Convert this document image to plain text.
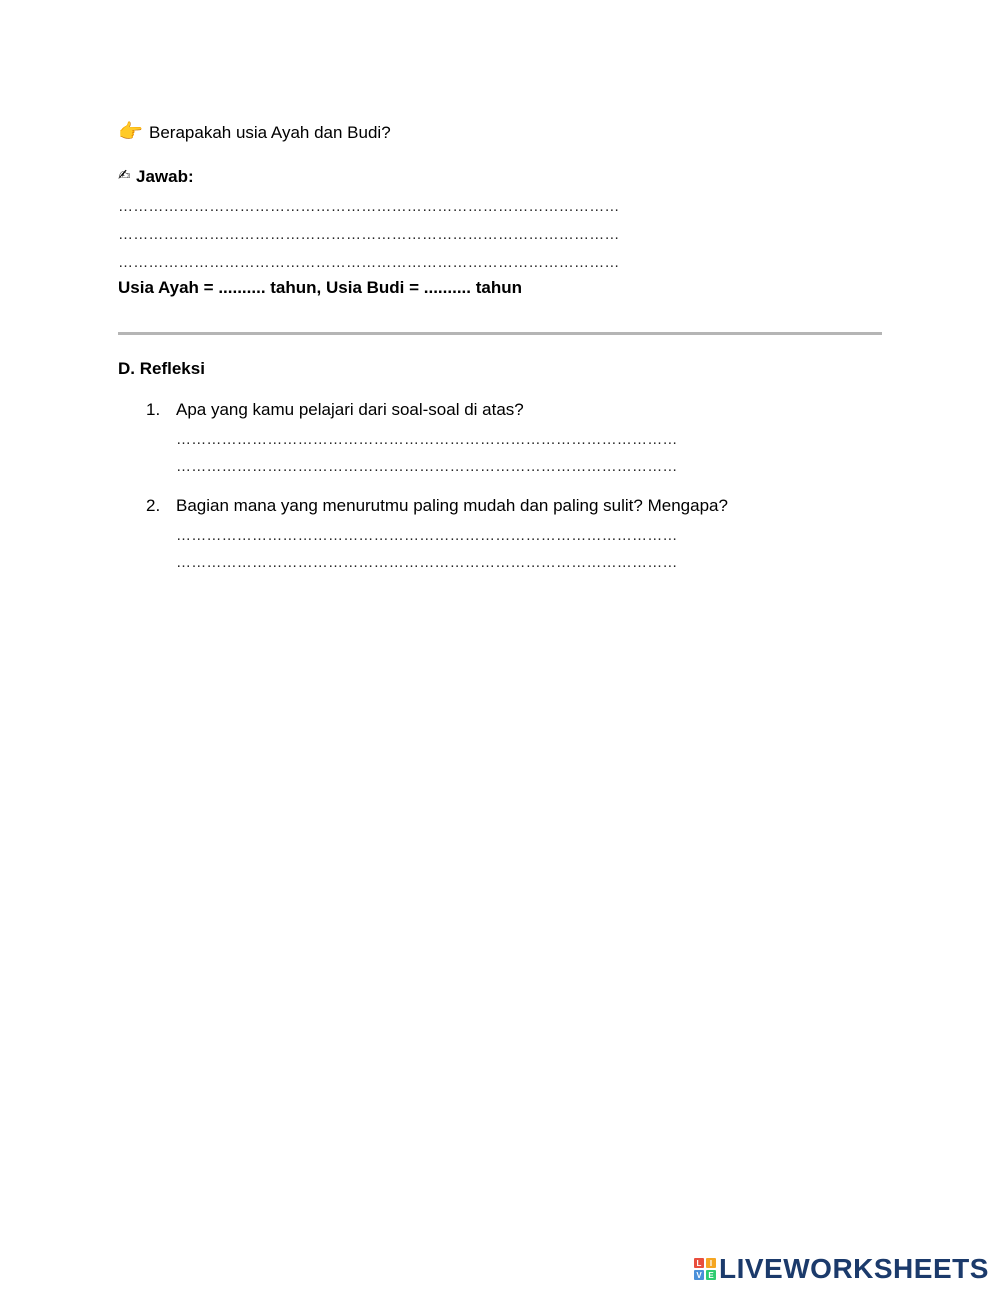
👉 Berapakah usia Ayah dan Budi?
✍ Jawab:
………………………………………………………………………………………
………………………………………………………………………………………
………………………………………………………………………………………
Usia Ayah = .......... tahun, Usia Budi = .......... tahun
D. Refleksi
1. Apa yang kamu pelajari dari soal-soal di atas?
………………………………………………………………………………………
………………………………………………………………………………………
2. Bagian mana yang menurutmu paling mudah dan paling sulit? Mengapa?
………………………………………………………………………………………
………………………………………………………………………………………
L	I
V E LIVEWORKSHEETS
